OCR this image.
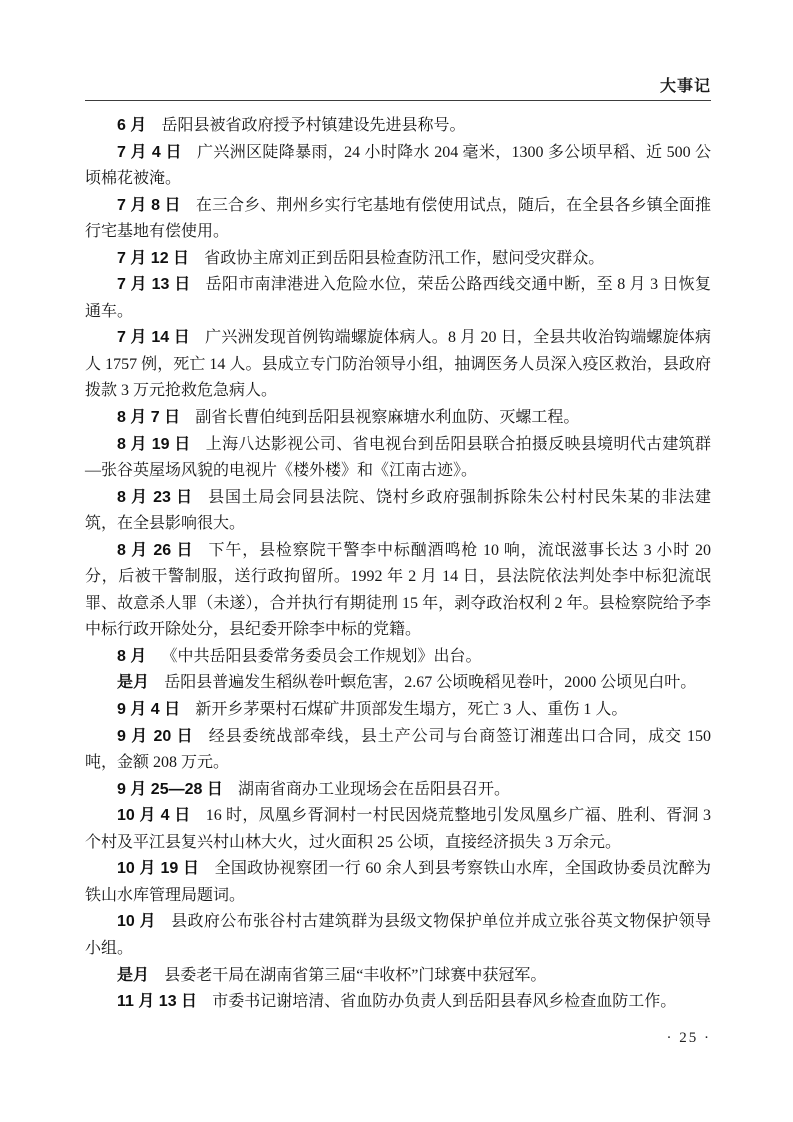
大事记

6 月 岳阳县被省政府授予村镇建设先进县称号。

7 月 4 日 广兴洲区陡降暴雨，24 小时降水 204 毫米，1300 多公顷早稻、近 500 公顷棉花被淹。

7 月 8 日 在三合乡、荆州乡实行宅基地有偿使用试点，随后，在全县各乡镇全面推行宅基地有偿使用。

7 月 12 日 省政协主席刘正到岳阳县检查防汛工作，慰问受灾群众。

7 月 13 日 岳阳市南津港进入危险水位，荣岳公路西线交通中断，至 8 月 3 日恢复通车。

7 月 14 日 广兴洲发现首例钩端螺旋体病人。8 月 20 日，全县共收治钩端螺旋体病人 1757 例，死亡 14 人。县成立专门防治领导小组，抽调医务人员深入疫区救治，县政府拨款 3 万元抢救危急病人。

8 月 7 日 副省长曹伯纯到岳阳县视察麻塘水利血防、灭螺工程。

8 月 19 日 上海八达影视公司、省电视台到岳阳县联合拍摄反映县境明代古建筑群—张谷英屋场风貌的电视片《楼外楼》和《江南古迹》。

8 月 23 日 县国土局会同县法院、饶村乡政府强制拆除朱公村村民朱某的非法建筑，在全县影响很大。

8 月 26 日 下午，县检察院干警李中标酗酒鸣枪 10 响，流氓滋事长达 3 小时 20 分，后被干警制服，送行政拘留所。1992 年 2 月 14 日，县法院依法判处李中标犯流氓罪、故意杀人罪（未遂），合并执行有期徒刑 15 年，剥夺政治权利 2 年。县检察院给予李中标行政开除处分，县纪委开除李中标的党籍。

8 月 《中共岳阳县委常务委员会工作规划》出台。

是月 岳阳县普遍发生稻纵卷叶螟危害，2.67 公顷晚稻见卷叶，2000 公顷见白叶。

9 月 4 日 新开乡茅栗村石煤矿井顶部发生塌方，死亡 3 人、重伤 1 人。

9 月 20 日 经县委统战部牵线，县土产公司与台商签订湘莲出口合同，成交 150 吨，金额 208 万元。

9 月 25—28 日 湖南省商办工业现场会在岳阳县召开。

10 月 4 日 16 时，凤凰乡胥洞村一村民因烧荒整地引发凤凰乡广福、胜利、胥洞 3 个村及平江县复兴村山林大火，过火面积 25 公顷，直接经济损失 3 万余元。

10 月 19 日 全国政协视察团一行 60 余人到县考察铁山水库，全国政协委员沈醉为铁山水库管理局题词。

10 月 县政府公布张谷村古建筑群为县级文物保护单位并成立张谷英文物保护领导小组。

是月 县委老干局在湖南省第三届“丰收杯”门球赛中获冠军。

11 月 13 日 市委书记谢培清、省血防办负责人到岳阳县春风乡检查血防工作。

· 25 ·
